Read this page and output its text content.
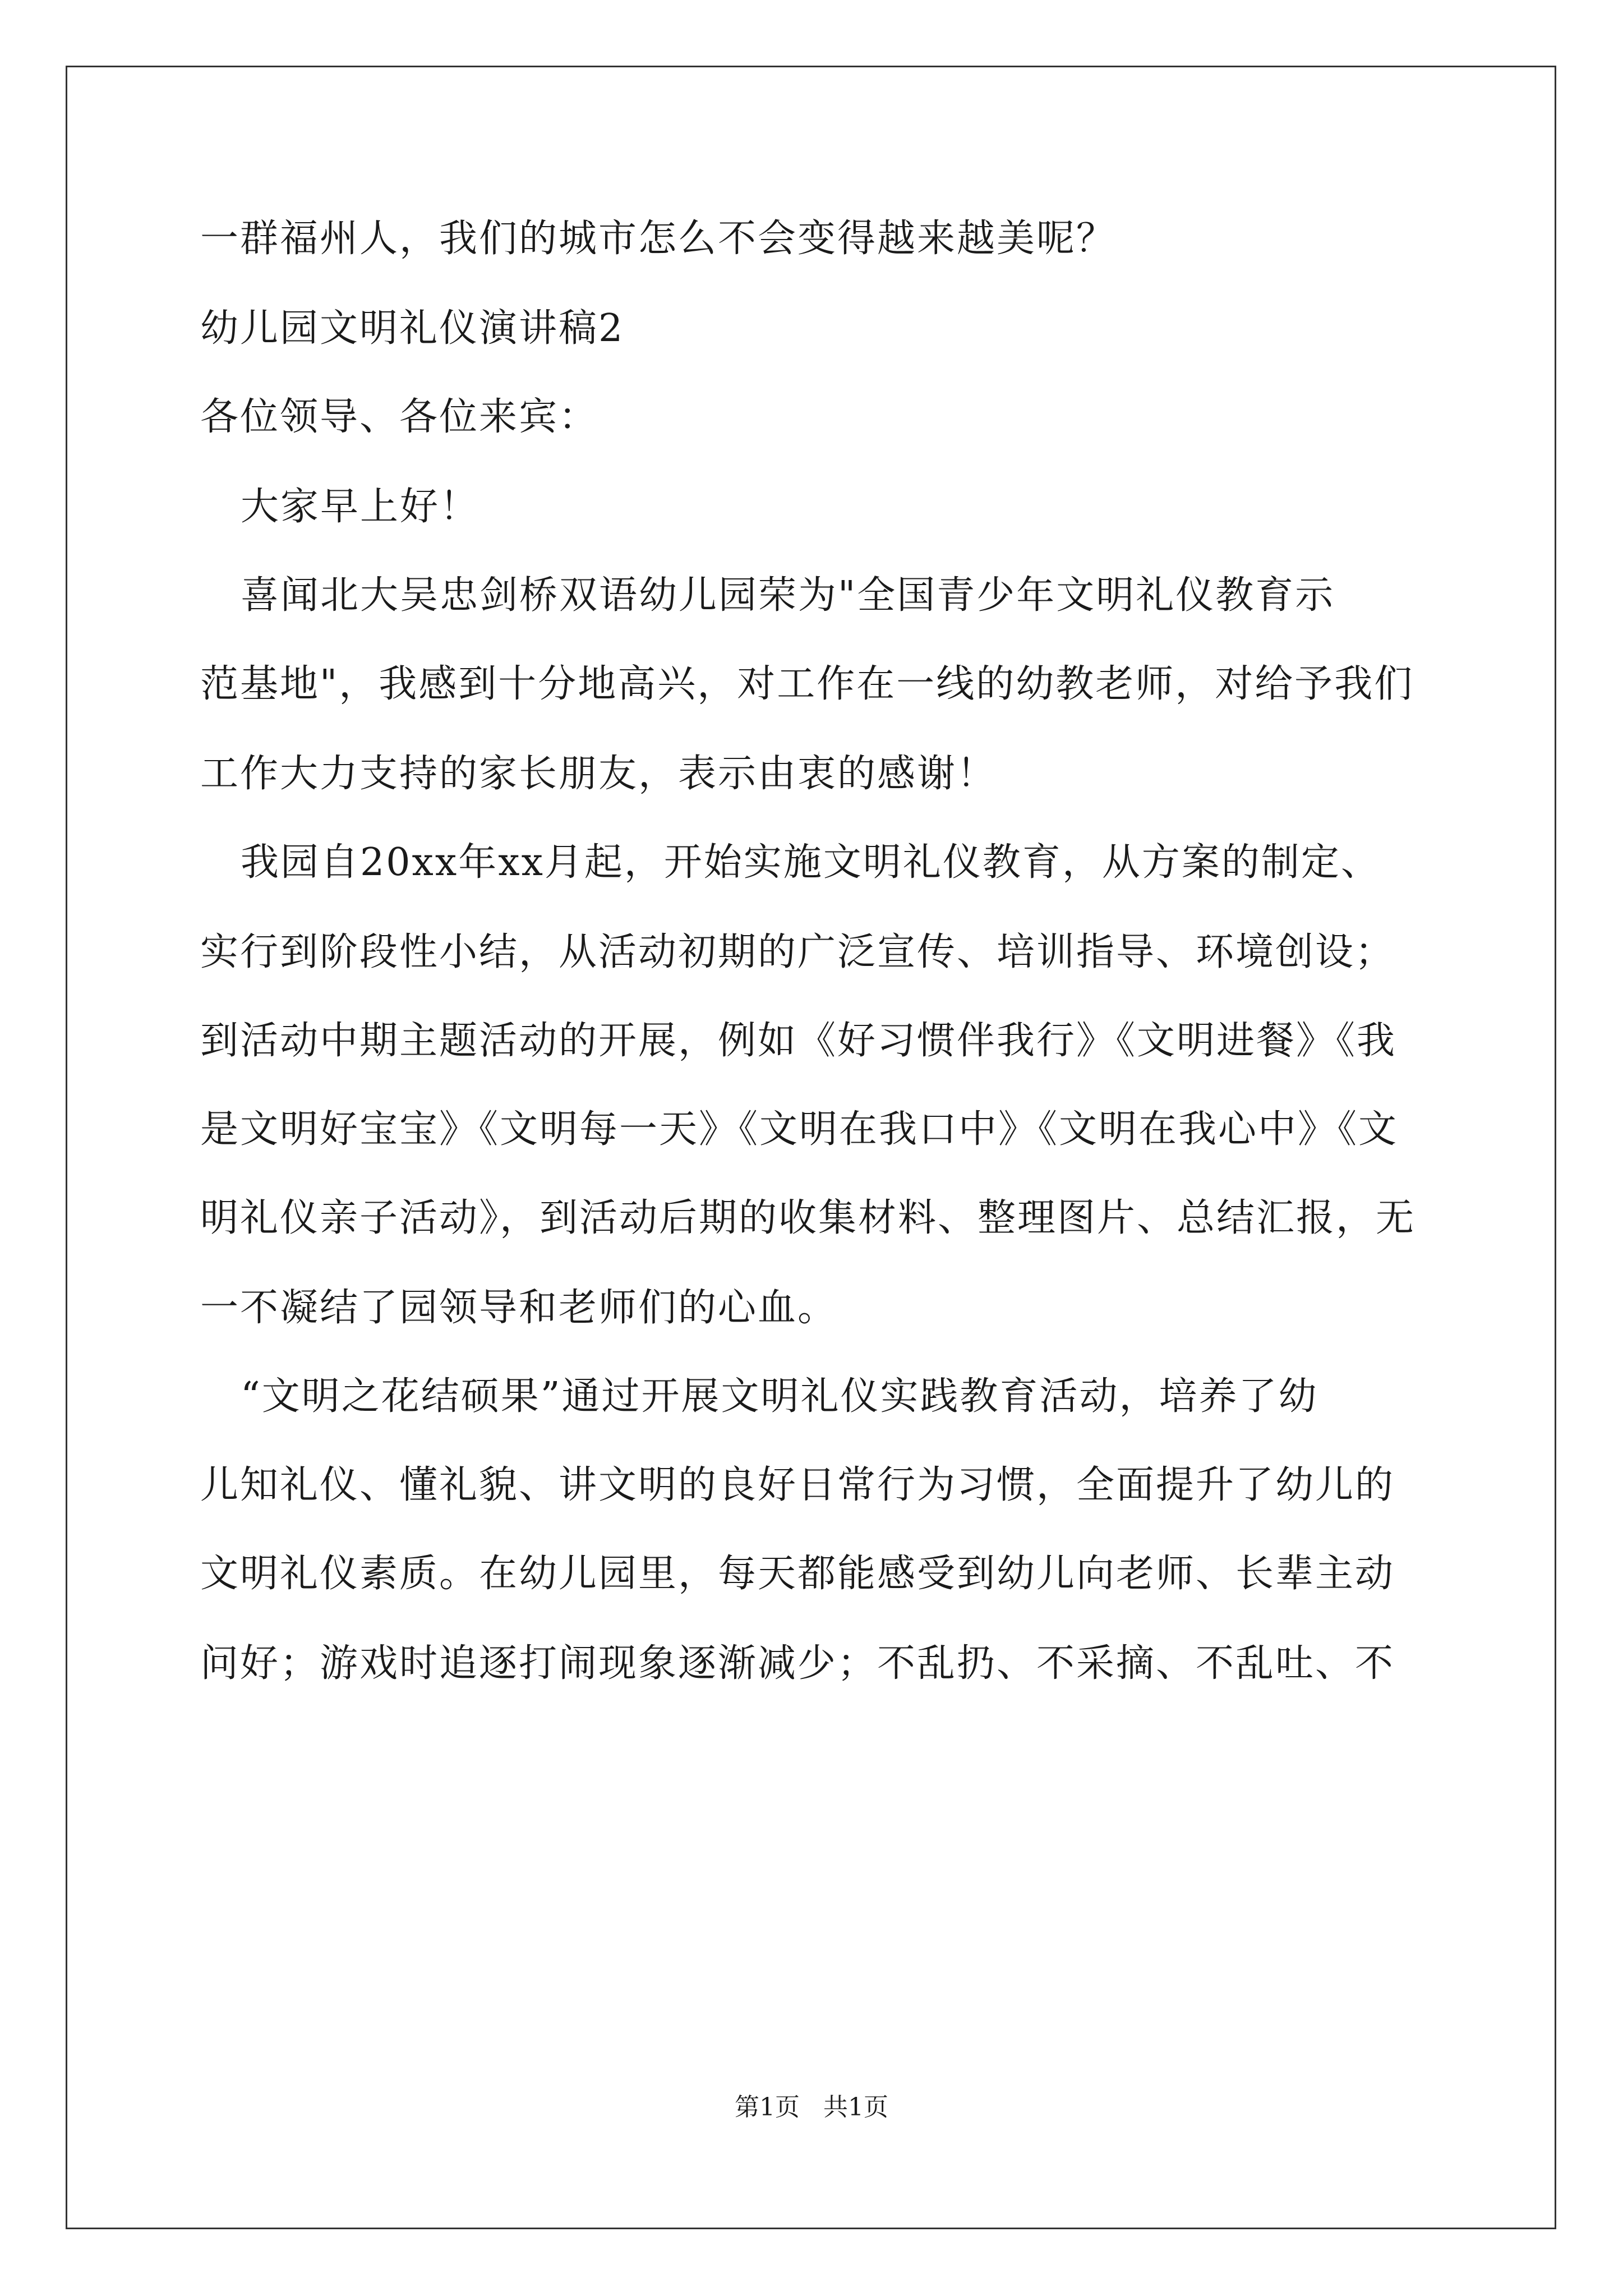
一群福州人，我们的城市怎么不会变得越来越美呢？
幼儿园文明礼仪演讲稿2
各位领导、各位来宾：
大家早上好！
喜闻北大吴忠剑桥双语幼儿园荣为"全国青少年文明礼仪教育示
范基地"，我感到十分地高兴，对工作在一线的幼教老师，对给予我们
工作大力支持的家长朋友，表示由衷的感谢！
我园自20xx年xx月起，开始实施文明礼仪教育，从方案的制定、
实行到阶段性小结，从活动初期的广泛宣传、培训指导、环境创设；
到活动中期主题活动的开展，例如《好习惯伴我行》《文明进餐》《我
是文明好宝宝》《文明每一天》《文明在我口中》《文明在我心中》《文
明礼仪亲子活动》，到活动后期的收集材料、整理图片、总结汇报，无
一不凝结了园领导和老师们的心血。
“文明之花结硕果”通过开展文明礼仪实践教育活动，培养了幼
儿知礼仪、懂礼貌、讲文明的良好日常行为习惯，全面提升了幼儿的
文明礼仪素质。在幼儿园里，每天都能感受到幼儿向老师、长辈主动
问好；游戏时追逐打闹现象逐渐减少；不乱扔、不采摘、不乱吐、不
第1页   共1页
